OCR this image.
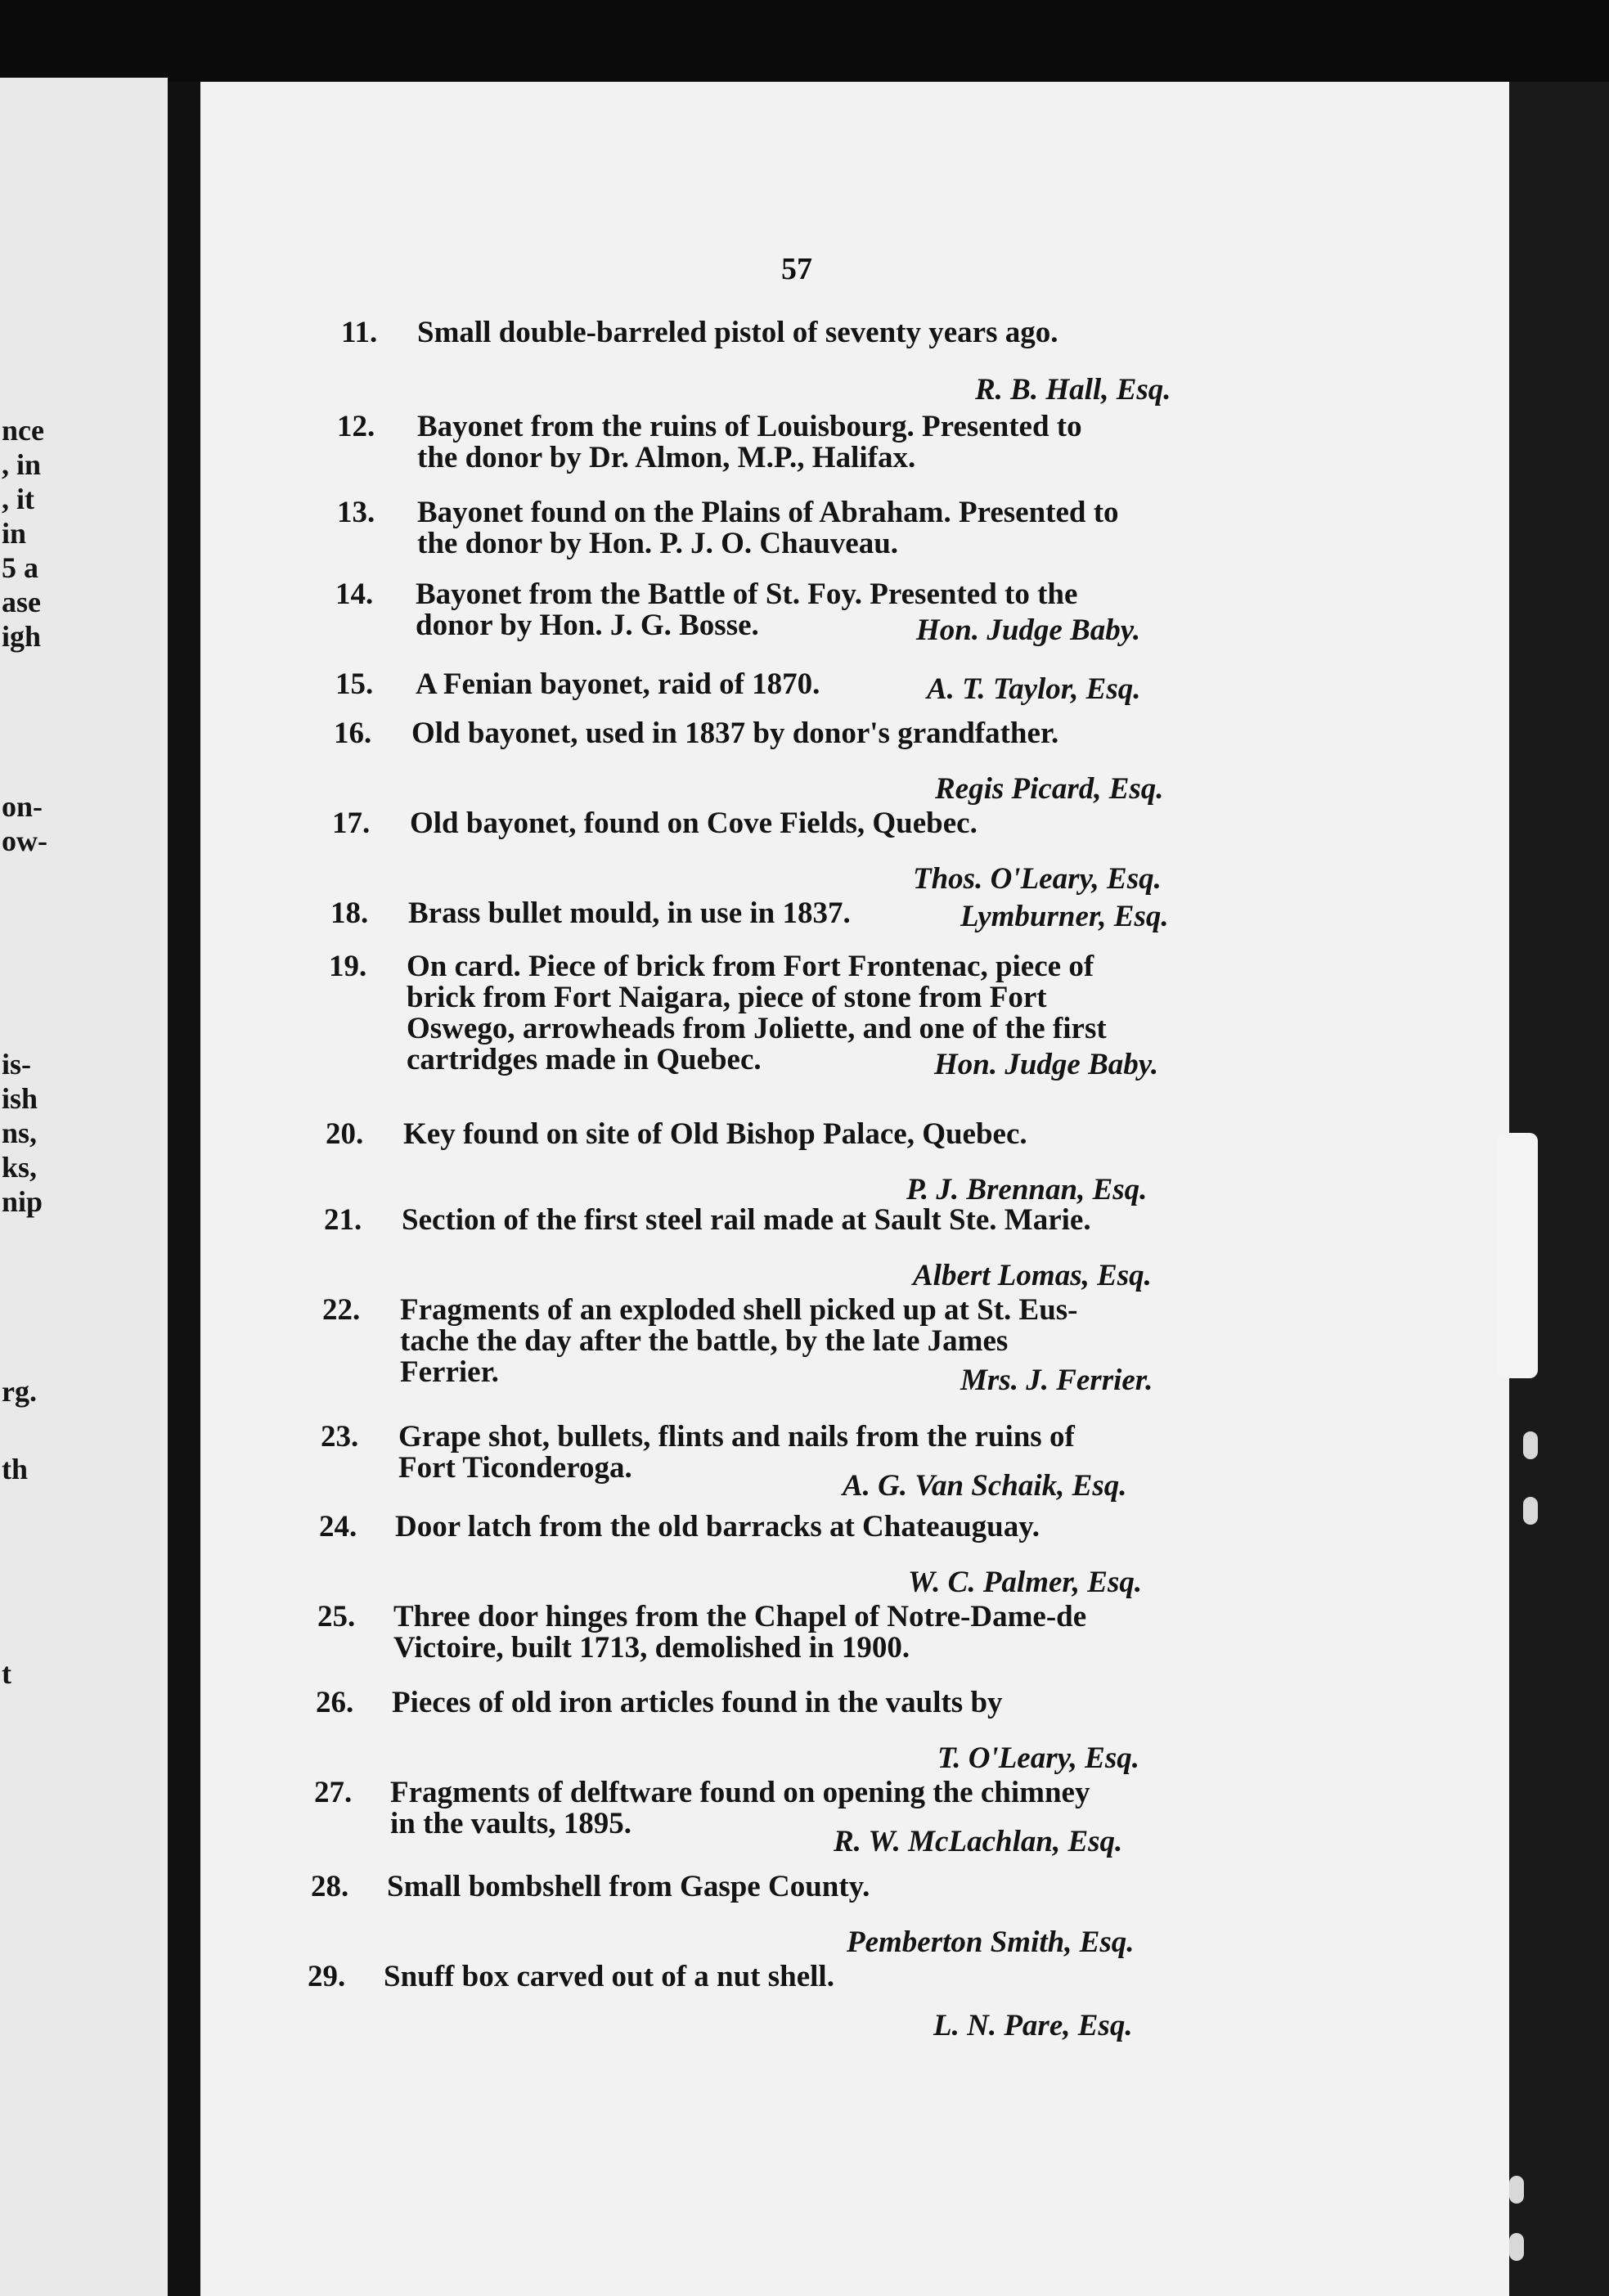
nce
, in
, it
in
5 a
ase
igh
on-
ow-
is-
ish
ns,
ks,
nip
rg.
th
t
57
11. Small double-barreled pistol of seventy years ago.
R. B. Hall, Esq.
12. Bayonet from the ruins of Louisbourg. Presented to
the donor by Dr. Almon, M.P., Halifax.
13. Bayonet found on the Plains of Abraham. Presented to
the donor by Hon. P. J. O. Chauveau.
14. Bayonet from the Battle of St. Foy. Presented to the
donor by Hon. J. G. Bosse.	Hon. Judge Baby.
15. A Fenian bayonet, raid of 1870.	A. T. Taylor, Esq.
16. Old bayonet, used in 1837 by donor's grandfather.
Regis Picard, Esq.
17. Old bayonet, found on Cove Fields, Quebec.
Thos. O'Leary, Esq.
18. Brass bullet mould, in use in 1837.	Lymburner, Esq.
19. On card. Piece of brick from Fort Frontenac, piece of
brick from Fort Naigara, piece of stone from Fort
Oswego, arrowheads from Joliette, and one of the first
cartridges made in Quebec.	Hon. Judge Baby.
20. Key found on site of Old Bishop Palace, Quebec.
P. J. Brennan, Esq.
21. Section of the first steel rail made at Sault Ste. Marie.
Albert Lomas, Esq.
22. Fragments of an exploded shell picked up at St. Eus-
tache the day after the battle, by the late James
Ferrier.	Mrs. J. Ferrier.
23. Grape shot, bullets, flints and nails from the ruins of
Fort Ticonderoga.
A. G. Van Schaik, Esq.
24. Door latch from the old barracks at Chateauguay.
W. C. Palmer, Esq.
25. Three door hinges from the Chapel of Notre-Dame-de
Victoire, built 1713, demolished in 1900.
26. Pieces of old iron articles found in the vaults by
T. O'Leary, Esq.
27. Fragments of delftware found on opening the chimney
in the vaults, 1895.
R. W. McLachlan, Esq.
28. Small bombshell from Gaspe County.
Pemberton Smith, Esq.
29. Snuff box carved out of a nut shell.
L. N. Pare, Esq.
